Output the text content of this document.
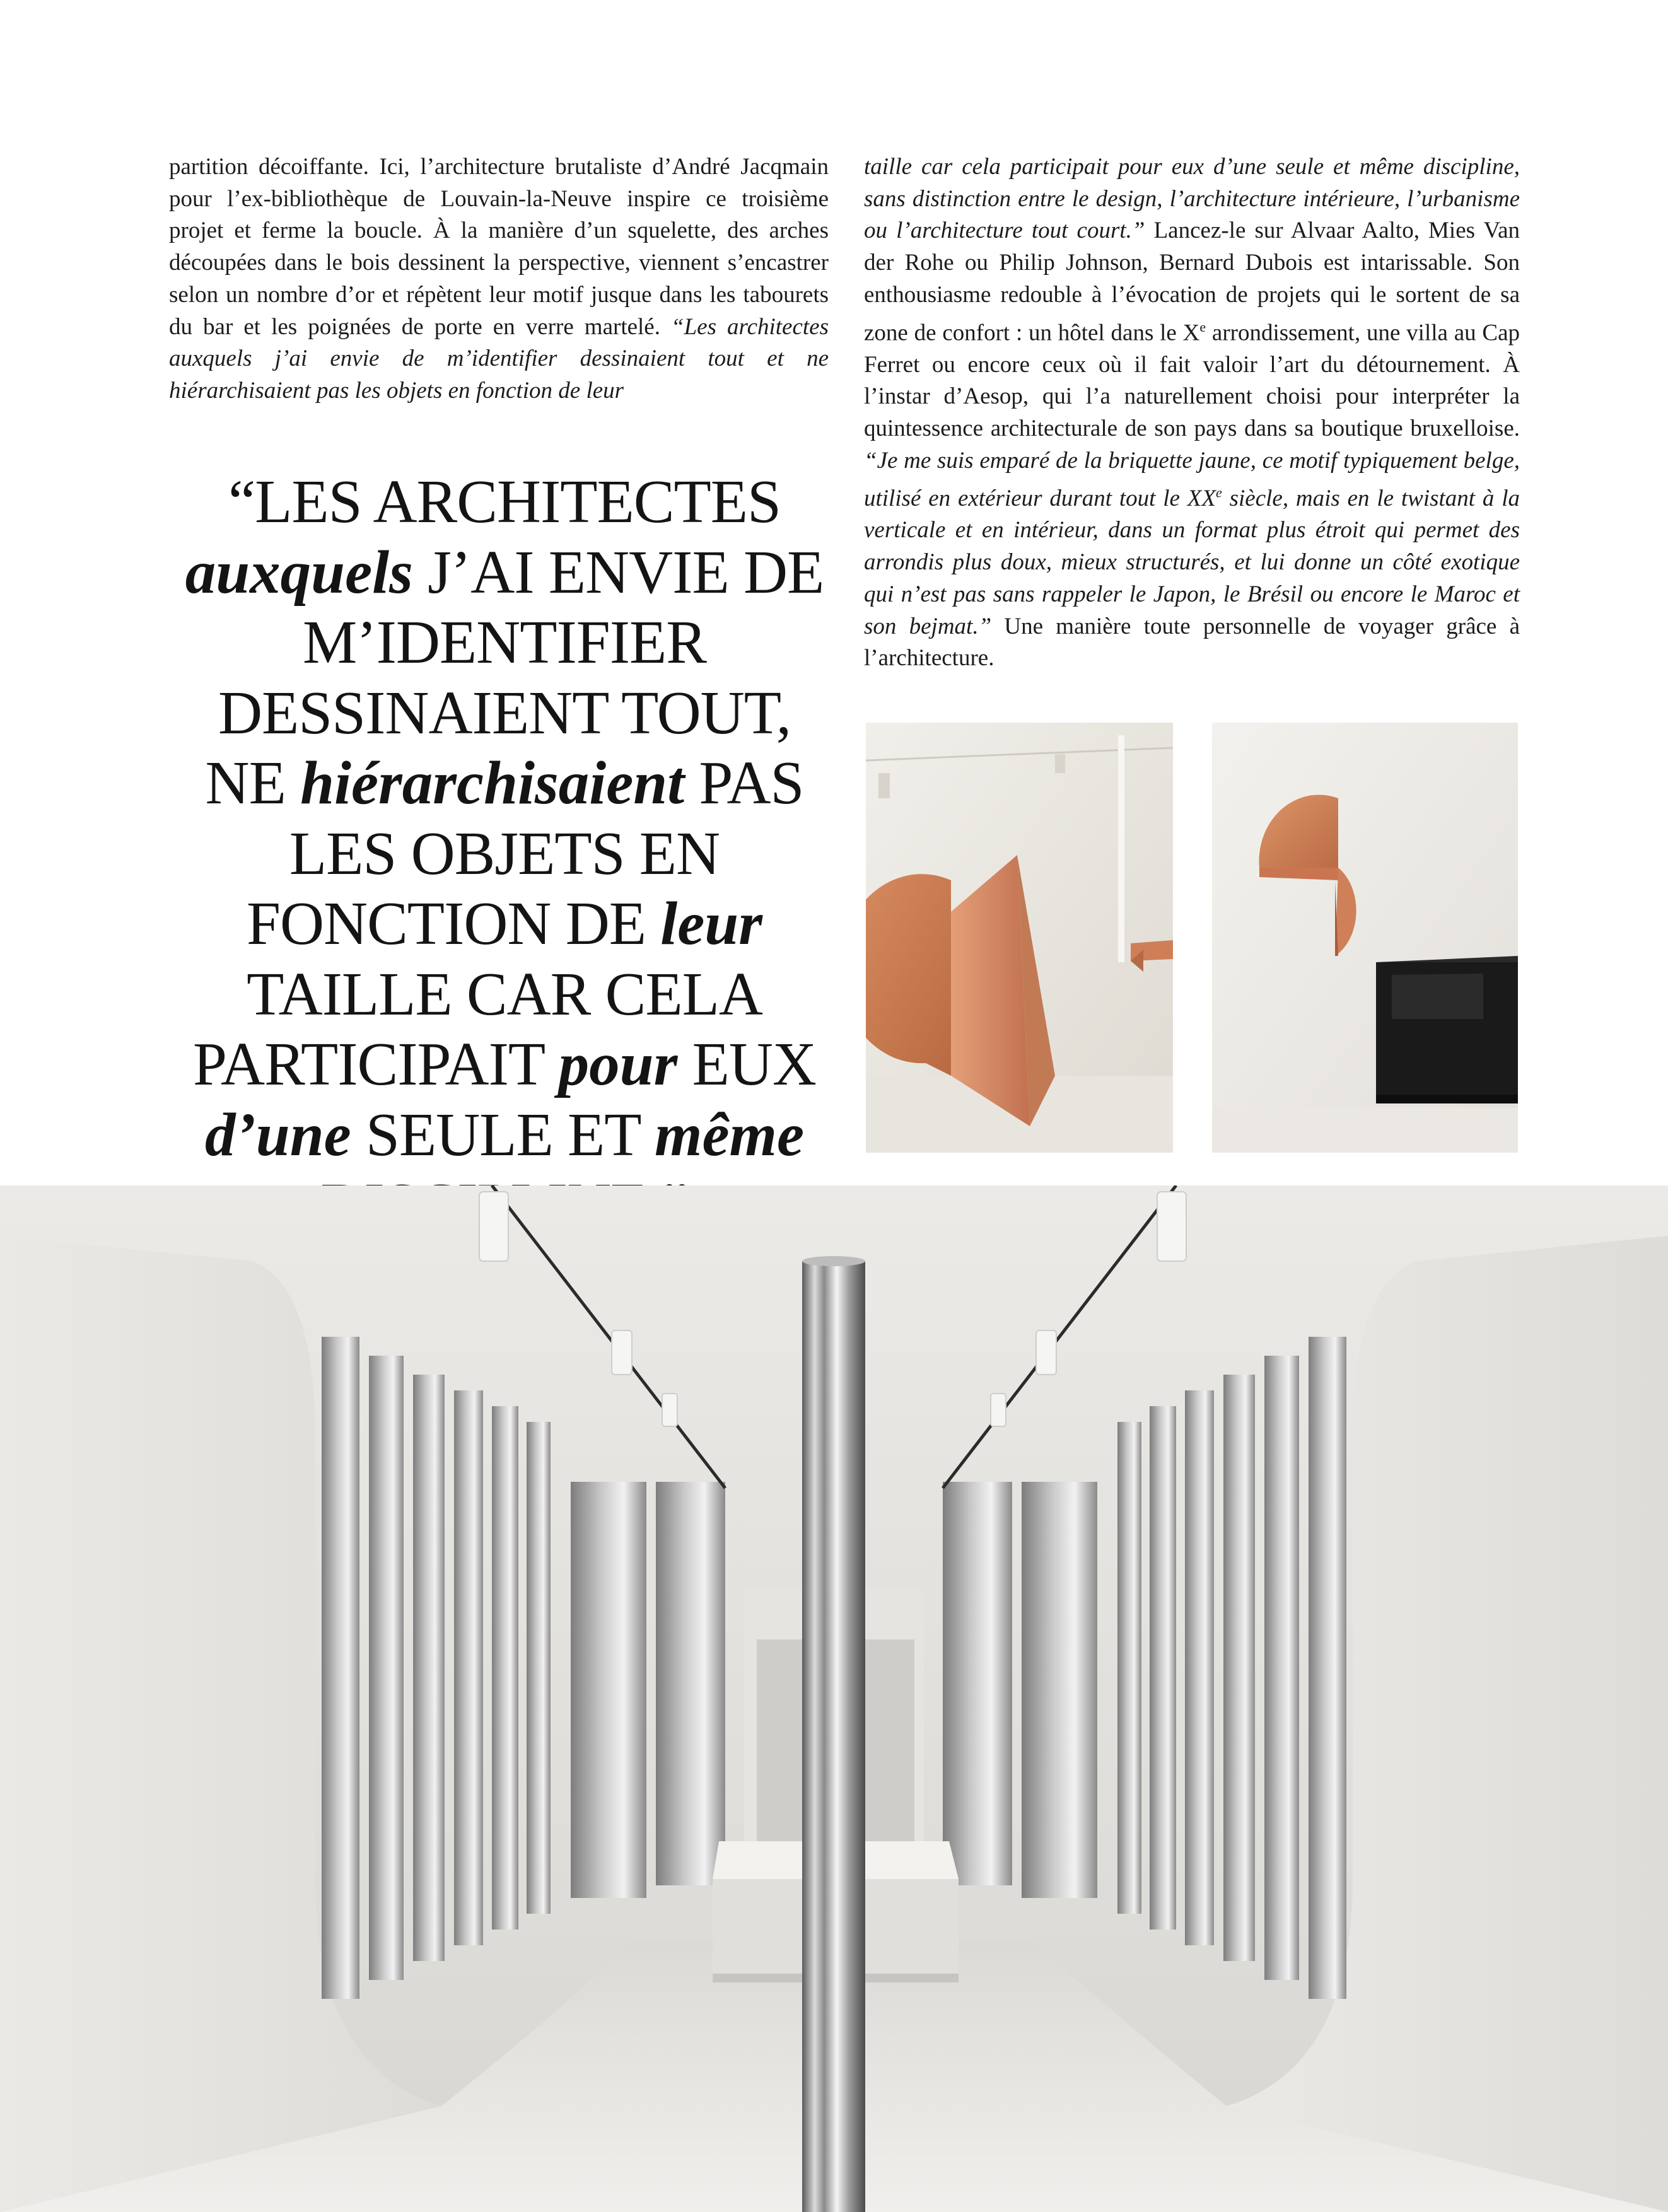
partition décoiffante. Ici, l’architecture brutaliste d’André Jacqmain pour l’ex-bibliothèque de Louvain-la-Neuve inspire ce troisième projet et ferme la boucle. À la manière d’un squelette, des arches découpées dans le bois dessinent la perspective, viennent s’encastrer selon un nombre d’or et répètent leur motif jusque dans les tabourets du bar et les poignées de porte en verre martelé. “Les architectes auxquels j’ai envie de m’identifier dessinaient tout et ne hiérarchisaient pas les objets en fonction de leur

taille car cela participait pour eux d’une seule et même discipline, sans distinction entre le design, l’architecture intérieure, l’urbanisme ou l’architecture tout court.” Lancez-le sur Alvaar Aalto, Mies Van der Rohe ou Philip Johnson, Bernard Dubois est intarissable. Son enthousiasme redouble à l’évocation de projets qui le sortent de sa zone de confort : un hôtel dans le Xe arrondissement, une villa au Cap Ferret ou encore ceux où il fait valoir l’art du détournement. À l’instar d’Aesop, qui l’a naturellement choisi pour interpréter la quintessence architecturale de son pays dans sa boutique bruxelloise. “Je me suis emparé de la briquette jaune, ce motif typiquement belge, utilisé en extérieur durant tout le XXe siècle, mais en le twistant à la verticale et en intérieur, dans un format plus étroit qui permet des arrondis plus doux, mieux structurés, et lui donne un côté exotique qui n’est pas sans rappeler le Japon, le Brésil ou encore le Maroc et son bejmat.” Une manière toute personnelle de voyager grâce à l’architecture.

“LES ARCHITECTES
auxquels J’AI ENVIE DE
M’IDENTIFIER
DESSINAIENT TOUT,
NE hiérarchisaient PAS
LES OBJETS EN
FONCTION DE leur
TAILLE CAR CELA
PARTICIPAIT pour EUX
d’une SEULE ET même
